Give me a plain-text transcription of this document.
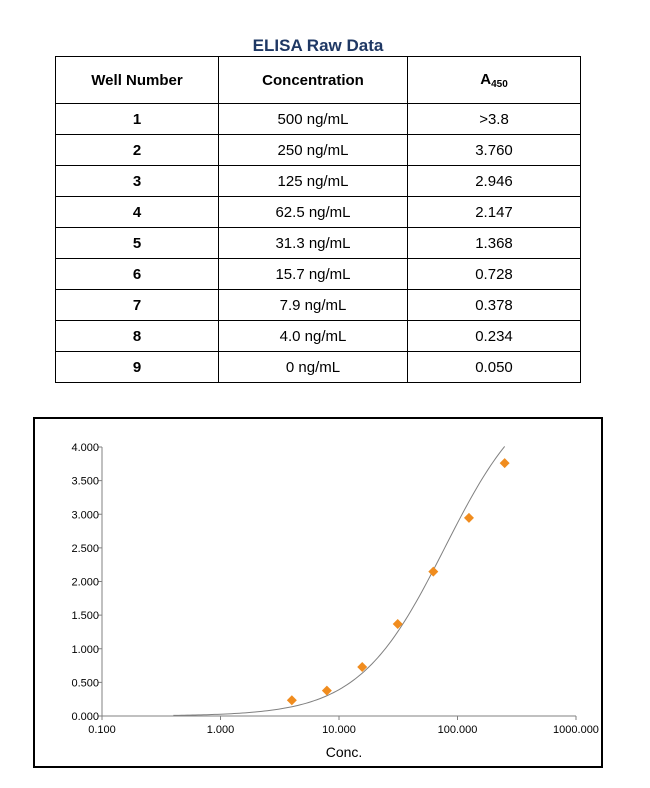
ELISA Raw Data
Well Number	Concentration	$A_{450}$
1	500 ng/mL	>3.8
2	250 ng/mL	3.760
3	125 ng/mL	2.946
4	62.5 ng/mL	2.147
5	31.3 ng/mL	1.368
6	15.7 ng/mL	0.728
7	7.9 ng/mL	0.378
8	4.0 ng/mL	0.234
9	0 ng/mL	0.050
0.000
0.500
1.000
1.500
2.000
2.500
3.000
3.500
4.000
0.100	1.000	10.000	100.000	1000.000
Conc.
